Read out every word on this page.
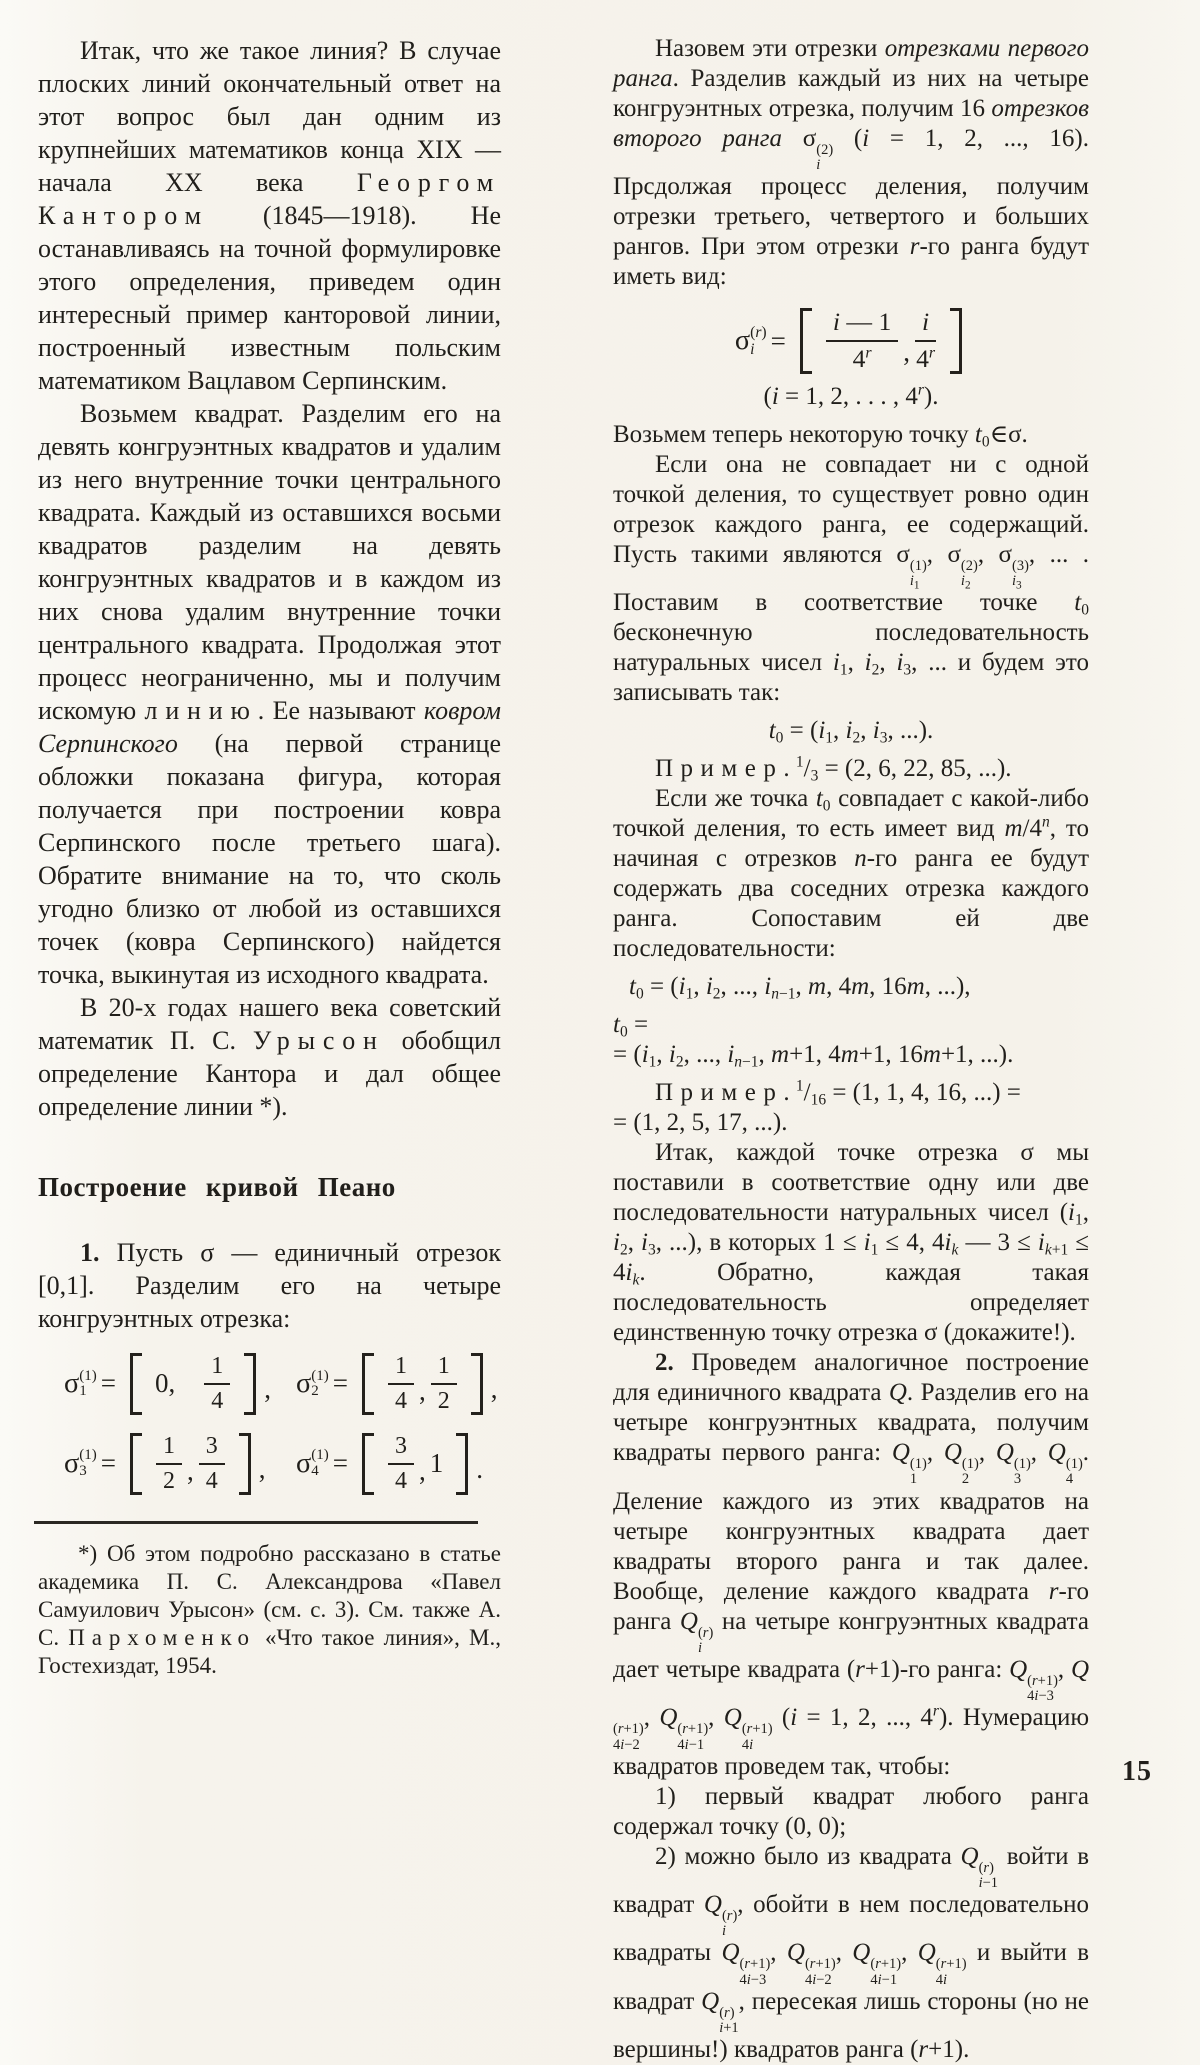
Итак, что же такое линия? В случае плоских линий окончательный ответ на этот вопрос был дан одним из крупнейших математиков конца XIX — начала XX века Георгом Кантором (1845—1918). Не останавливаясь на точной формулировке этого определения, приведем один интересный пример канторовой линии, построенный известным польским математиком Вацлавом Серпинским.

Возьмем квадрат. Разделим его на девять конгруэнтных квадратов и удалим из него внутренние точки центрального квадрата. Каждый из оставшихся восьми квадратов разделим на девять конгруэнтных квадратов и в каждом из них снова удалим внутренние точки центрального квадрата. Продолжая этот процесс неограниченно, мы и получим искомую линию. Ее называют ковром Серпинского (на первой странице обложки показана фигура, которая получается при построении ковра Серпинского после третьего шага). Обратите внимание на то, что сколь угодно близко от любой из оставшихся точек (ковра Серпинского) найдется точка, выкинутая из исходного квадрата.

В 20-х годах нашего века советский математик П. С. Урысон обобщил определение Кантора и дал общее определение линии *).

Построение кривой Пеано

1. Пусть σ — единичный отрезок [0,1]. Разделим его на четыре конгруэнтных отрезка:

σ (1)
1 = 0, $\frac{1}{4}$ , σ (1)
$2 = \frac{1}{4}$ , $\frac{1}{2}$ ,
σ (1)
$3 = \frac{1}{2}$ , $\frac{3}{4}$ , σ (1)
$4 = \frac{3}{4}$ , 1 .

*) Об этом подробно рассказано в статье академика П. С. Александрова «Павел Самуилович Урысон» (см. с. 3). См. также А. С. Пархоменко «Что такое линия», М., Гостехиздат, 1954.

Назовем эти отрезки отрезками первого ранга. Разделив каждый из них на четыре конгруэнтных отрезка, получим 16 отрезков второго ранга σ (2)
i
(i = 1, 2, ..., 16). Прсдолжая процесс деления, получим отрезки третьего, четвертого и больших рангов. При этом отрезки r-го ранга будут иметь вид:

σ (r)
$i = \frac{i — 1}{4^r}$ , $\frac{i}{4^r}$

(i = 1, 2, . . . , 4$^r$).

Возьмем теперь некоторую точку $t_0\in\sigma$.

Если она не совпадает ни с одной точкой деления, то существует ровно один отрезок каждого ранга, ее содержащий. Пусть такими являются σ (1)
$i_1$
, σ (2)
$i_2$
, σ (3)
$i_3$
, ... . Поставим в соответствие точке $t_0$ бесконечную последовательность натуральных чисел $i_1$, $i_2$, $i_3$, ... и будем это записывать так:

$t_0 = (i_1$, $i_2$, $i_3$, ...).

Пример. $^1/_3 = (2$, 6, 22, 85, ...).

Если же точка $t_0$ совпадает с какой-либо точкой деления, то есть имеет вид m/4$^n$, то начиная с отрезков n-го ранга ее будут содержать два соседних отрезка каждого ранга. Сопоставим ей две последовательности:

$t_0 = (i_1$, $i_2$, ..., $i_{n-1}$, m, 4m, 16m, ...),

$t_0$ =
= ($i_1$, $i_2$, ..., $i_{n-1}$, m+1, 4m+1, 16m+1, ...).

Пример. $^1/_{16} = (1$, 1, 4, 16, ...) =
= (1, 2, 5, 17, ...).

Итак, каждой точке отрезка σ мы поставили в соответствие одну или две последовательности натуральных чисел ($i_1$, $i_2$, $i_3$, ...), в которых $1 \le i_1 \le 4$, $4i_k$ — $3 \le i_{k+1} \le 4i_k$. Обратно, каждая такая последовательность определяет единственную точку отрезка σ (докажите!).

2. Проведем аналогичное построение для единичного квадрата Q. Разделив его на четыре конгруэнтных квадрата, получим квадраты первого ранга: Q (1)
1
, Q (1)
2
, Q (1)
3
, Q (1)
4
. Деление каждого из этих квадратов на четыре конгруэнтных квадрата дает квадраты второго ранга и так далее. Вообще, деление каждого квадрата r-го ранга Q (r)
i
на четыре конгруэнтных квадрата дает четыре квадрата (r+1)-го ранга: Q (r+1)
4i−3
, Q
(r+1)
4i−2
, Q (r+1)
4i−1
, Q (r+1)
4i
(i = 1, 2, ..., 4$^r$). Нумерацию квадратов проведем так, чтобы:

1) первый квадрат любого ранга содержал точку (0, 0);

2) можно было из квадрата Q (r)
i−1
войти в квадрат Q (r)
i
, обойти в нем последовательно квадраты Q (r+1)
4i−3
, Q (r+1)
4i−2
, Q (r+1)
4i−1
, Q (r+1)
4i
и выйти в квадрат Q (r)
i+1
, пересекая лишь стороны (но не вершины!) квадратов ранга (r+1).

15
